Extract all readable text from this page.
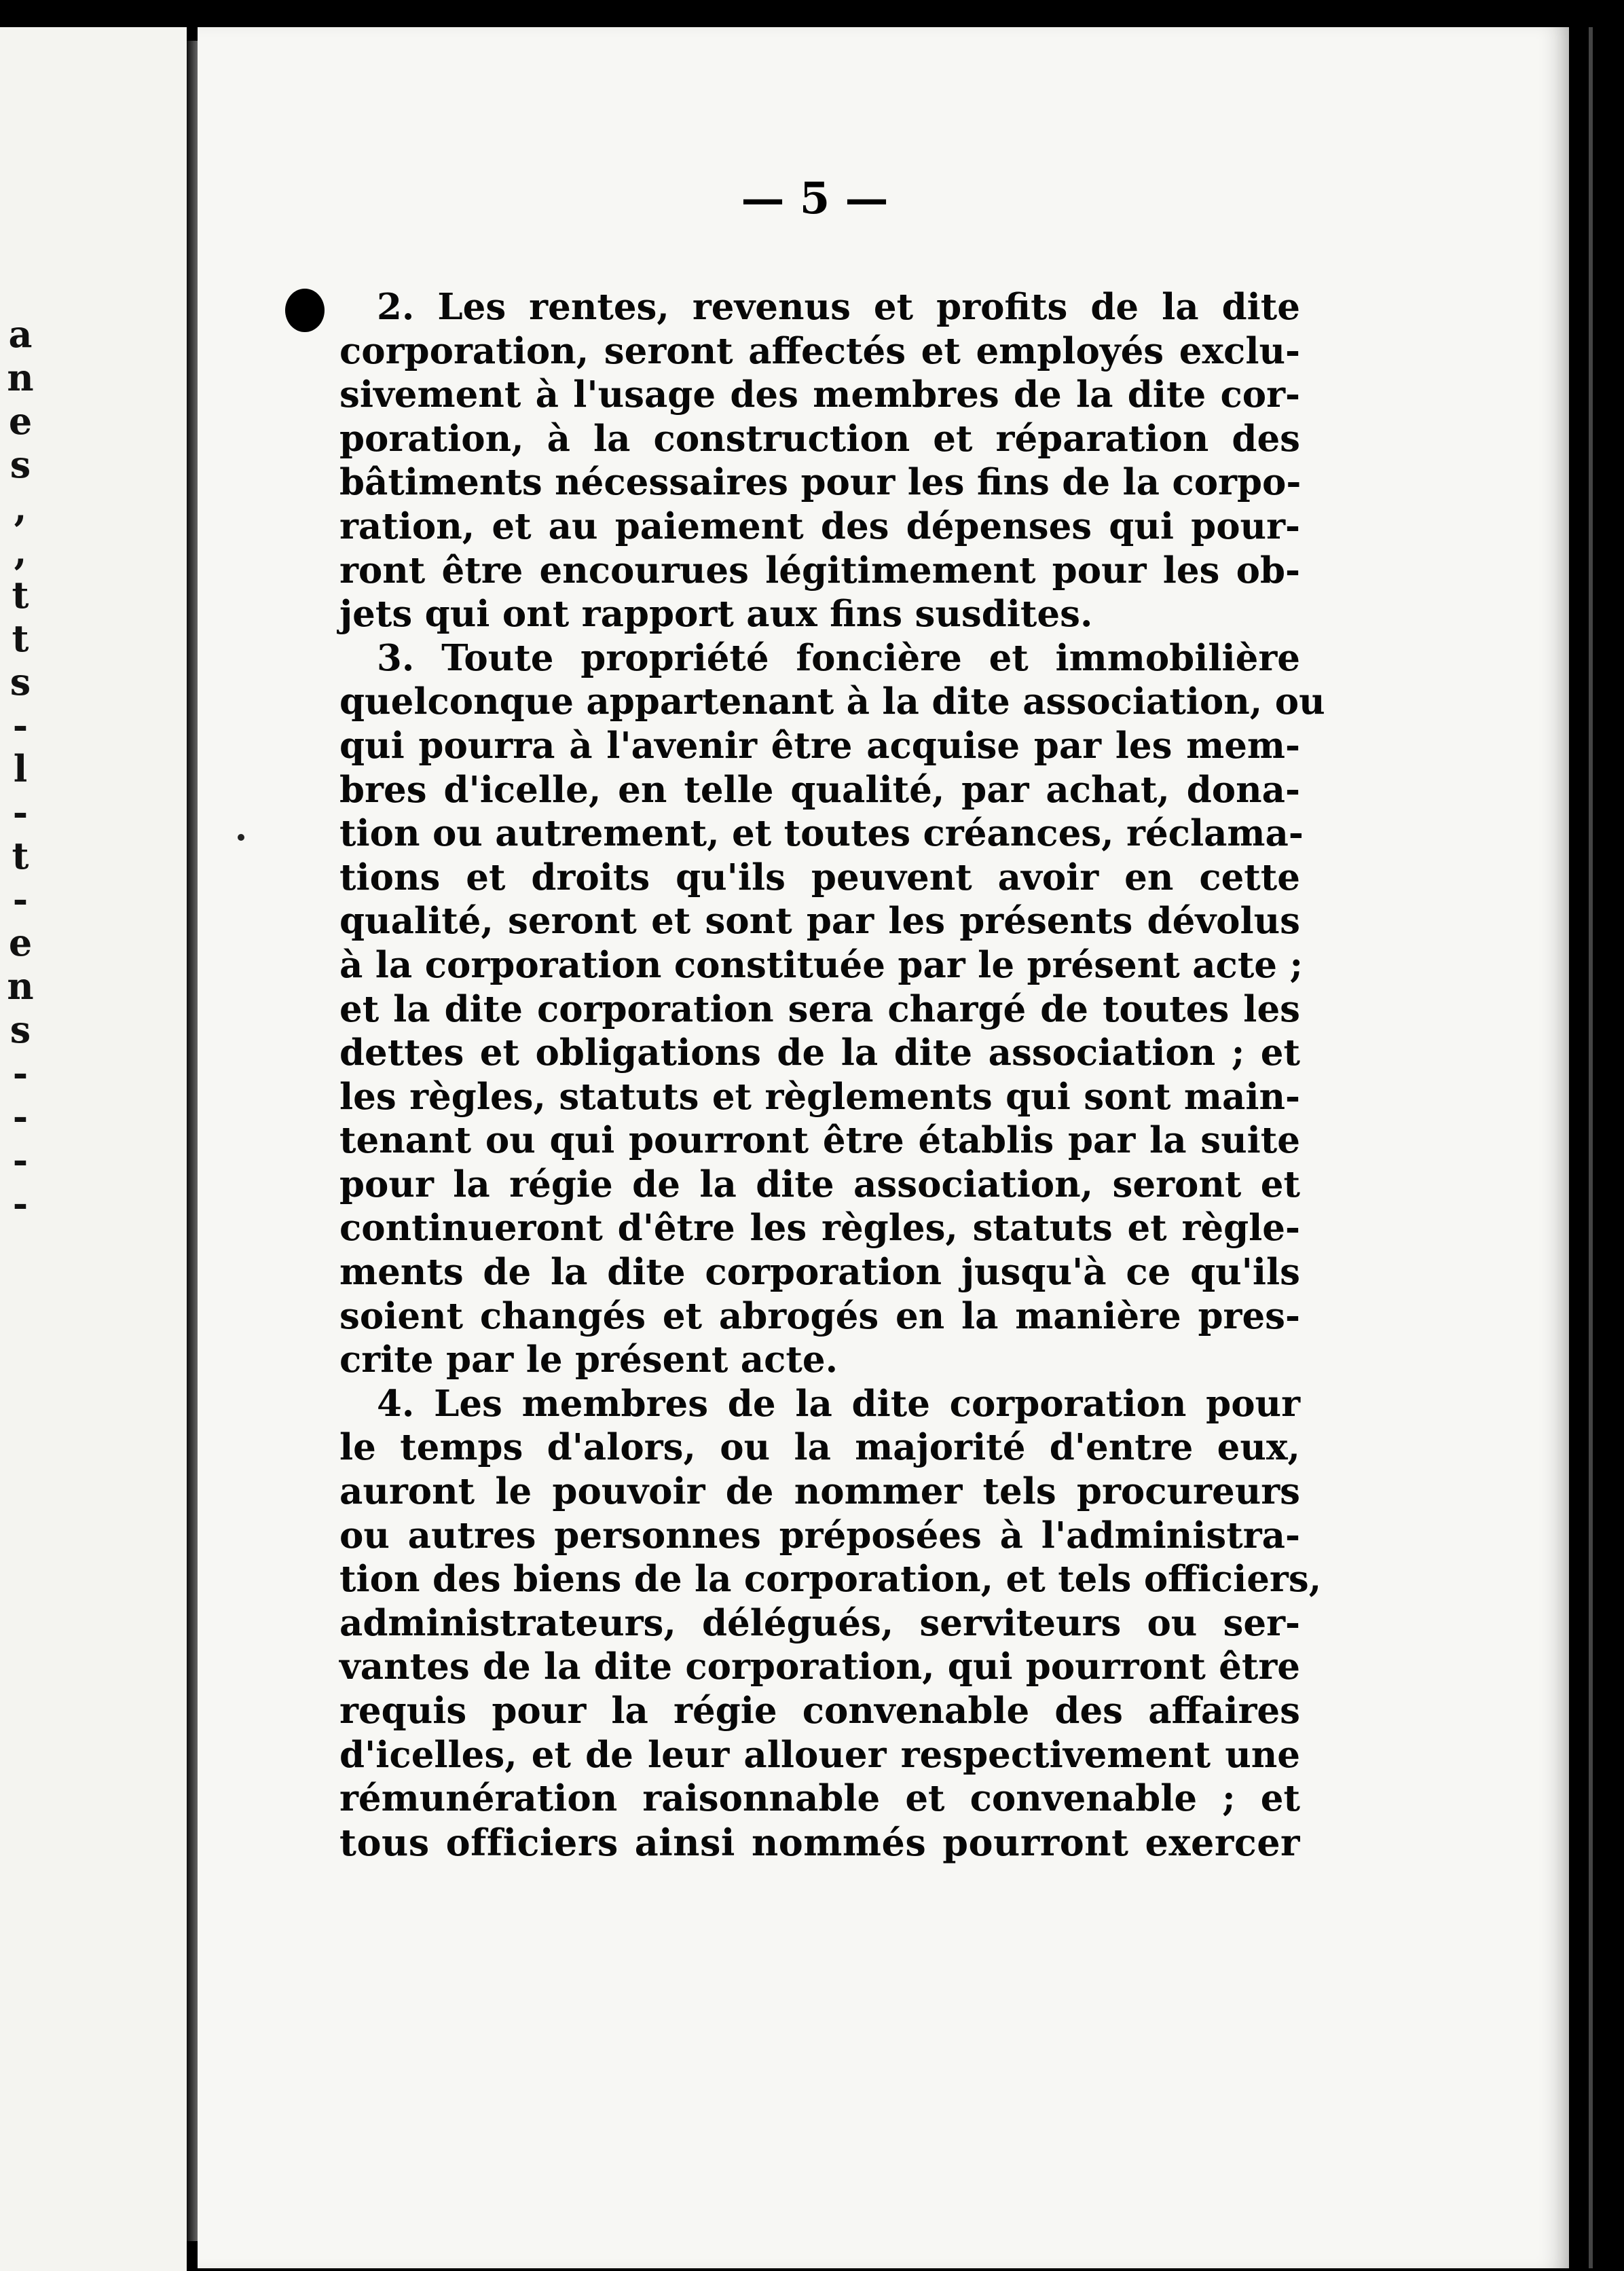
a
n
e
s
,
,
t
t
s
-
l
-
t
-
e
n
s
-
-
-
-
— 5 —
2. Les rentes, revenus et profits de la dite
corporation, seront affectés et employés exclu-
sivement à l'usage des membres de la dite cor-
poration, à la construction et réparation des
bâtiments nécessaires pour les fins de la corpo-
ration, et au paiement des dépenses qui pour-
ront être encourues légitimement pour les ob-
jets qui ont rapport aux fins susdites.
3. Toute propriété foncière et immobilière
quelconque appartenant à la dite association, ou
qui pourra à l'avenir être acquise par les mem-
bres d'icelle, en telle qualité, par achat, dona-
tion ou autrement, et toutes créances, réclama-
tions et droits qu'ils peuvent avoir en cette
qualité, seront et sont par les présents dévolus
à la corporation constituée par le présent acte ;
et la dite corporation sera chargé de toutes les
dettes et obligations de la dite association ; et
les règles, statuts et règlements qui sont main-
tenant ou qui pourront être établis par la suite
pour la régie de la dite association, seront et
continueront d'être les règles, statuts et règle-
ments de la dite corporation jusqu'à ce qu'ils
soient changés et abrogés en la manière pres-
crite par le présent acte.
4. Les membres de la dite corporation pour
le temps d'alors, ou la majorité d'entre eux,
auront le pouvoir de nommer tels procureurs
ou autres personnes préposées à l'administra-
tion des biens de la corporation, et tels officiers,
administrateurs, délégués, serviteurs ou ser-
vantes de la dite corporation, qui pourront être
requis pour la régie convenable des affaires
d'icelles, et de leur allouer respectivement une
rémunération raisonnable et convenable ; et
tous officiers ainsi nommés pourront exercer
